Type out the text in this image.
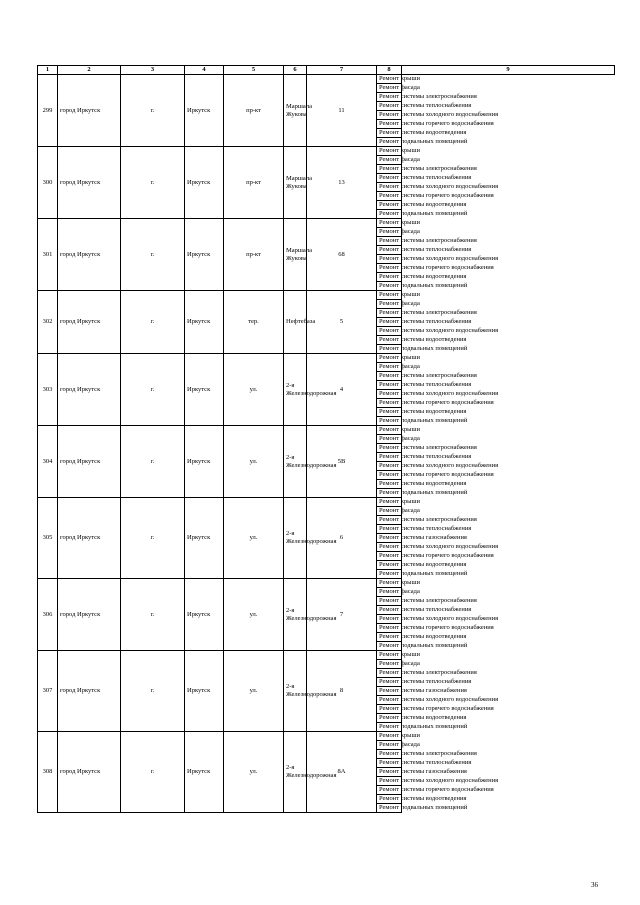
1	2	3	4	5	6	7	8	9
299	город Иркутск	г.	Иркутск	пр-кт	Маршала Жукова	11	Ремонт крыши	
							Ремонт фасада	
							Ремонт системы электроснабжения	
							Ремонт системы теплоснабжения	
							Ремонт системы холодного водоснабжения	
							Ремонт системы горячего водоснабжения	
							Ремонт системы водоотведения	
							Ремонт подвальных помещений	
300	город Иркутск	г.	Иркутск	пр-кт	Маршала Жукова	13	Ремонт крыши	
							Ремонт фасада	
							Ремонт системы электроснабжения	
							Ремонт системы теплоснабжения	
							Ремонт системы холодного водоснабжения	
							Ремонт системы горячего водоснабжения	
							Ремонт системы водоотведения	
							Ремонт подвальных помещений	
301	город Иркутск	г.	Иркутск	пр-кт	Маршала Жукова	68	Ремонт крыши	
							Ремонт фасада	
							Ремонт системы электроснабжения	
							Ремонт системы теплоснабжения	
							Ремонт системы холодного водоснабжения	
							Ремонт системы горячего водоснабжения	
							Ремонт системы водоотведения	
							Ремонт подвальных помещений	
302	город Иркутск	г.	Иркутск	тер.	Нефтебаза	5	Ремонт крыши	
							Ремонт фасада	
							Ремонт системы электроснабжения	
							Ремонт системы теплоснабжения	
							Ремонт системы холодного водоснабжения	
							Ремонт системы водоотведения	
							Ремонт подвальных помещений	
303	город Иркутск	г.	Иркутск	ул.	2-я Железнодорожная	4	Ремонт крыши	
							Ремонт фасада	
							Ремонт системы электроснабжения	
							Ремонт системы теплоснабжения	
							Ремонт системы холодного водоснабжения	
							Ремонт системы горячего водоснабжения	
							Ремонт системы водоотведения	
							Ремонт подвальных помещений	
304	город Иркутск	г.	Иркутск	ул.	2-я Железнодорожная	5В	Ремонт крыши	
							Ремонт фасада	
							Ремонт системы электроснабжения	
							Ремонт системы теплоснабжения	
							Ремонт системы холодного водоснабжения	
							Ремонт системы горячего водоснабжения	
							Ремонт системы водоотведения	
							Ремонт подвальных помещений	
305	город Иркутск	г.	Иркутск	ул.	2-я Железнодорожная	6	Ремонт крыши	
							Ремонт фасада	
							Ремонт системы электроснабжения	
							Ремонт системы теплоснабжения	
							Ремонт системы газоснабжения	
							Ремонт системы холодного водоснабжения	
							Ремонт системы горячего водоснабжения	
							Ремонт системы водоотведения	
							Ремонт подвальных помещений	
306	город Иркутск	г.	Иркутск	ул.	2-я Железнодорожная	7	Ремонт крыши	
							Ремонт фасада	
							Ремонт системы электроснабжения	
							Ремонт системы теплоснабжения	
							Ремонт системы холодного водоснабжения	
							Ремонт системы горячего водоснабжения	
							Ремонт системы водоотведения	
							Ремонт подвальных помещений	
307	город Иркутск	г.	Иркутск	ул.	2-я Железнодорожная	8	Ремонт крыши	
							Ремонт фасада	
							Ремонт системы электроснабжения	
							Ремонт системы теплоснабжения	
							Ремонт системы газоснабжения	
							Ремонт системы холодного водоснабжения	
							Ремонт системы горячего водоснабжения	
							Ремонт системы водоотведения	
							Ремонт подвальных помещений	
308	город Иркутск	г.	Иркутск	ул.	2-я Железнодорожная	8А	Ремонт крыши	
							Ремонт фасада	
							Ремонт системы электроснабжения	
							Ремонт системы теплоснабжения	
							Ремонт системы газоснабжения	
							Ремонт системы холодного водоснабжения	
							Ремонт системы горячего водоснабжения	
							Ремонт системы водоотведения	
							Ремонт подвальных помещений	
36
